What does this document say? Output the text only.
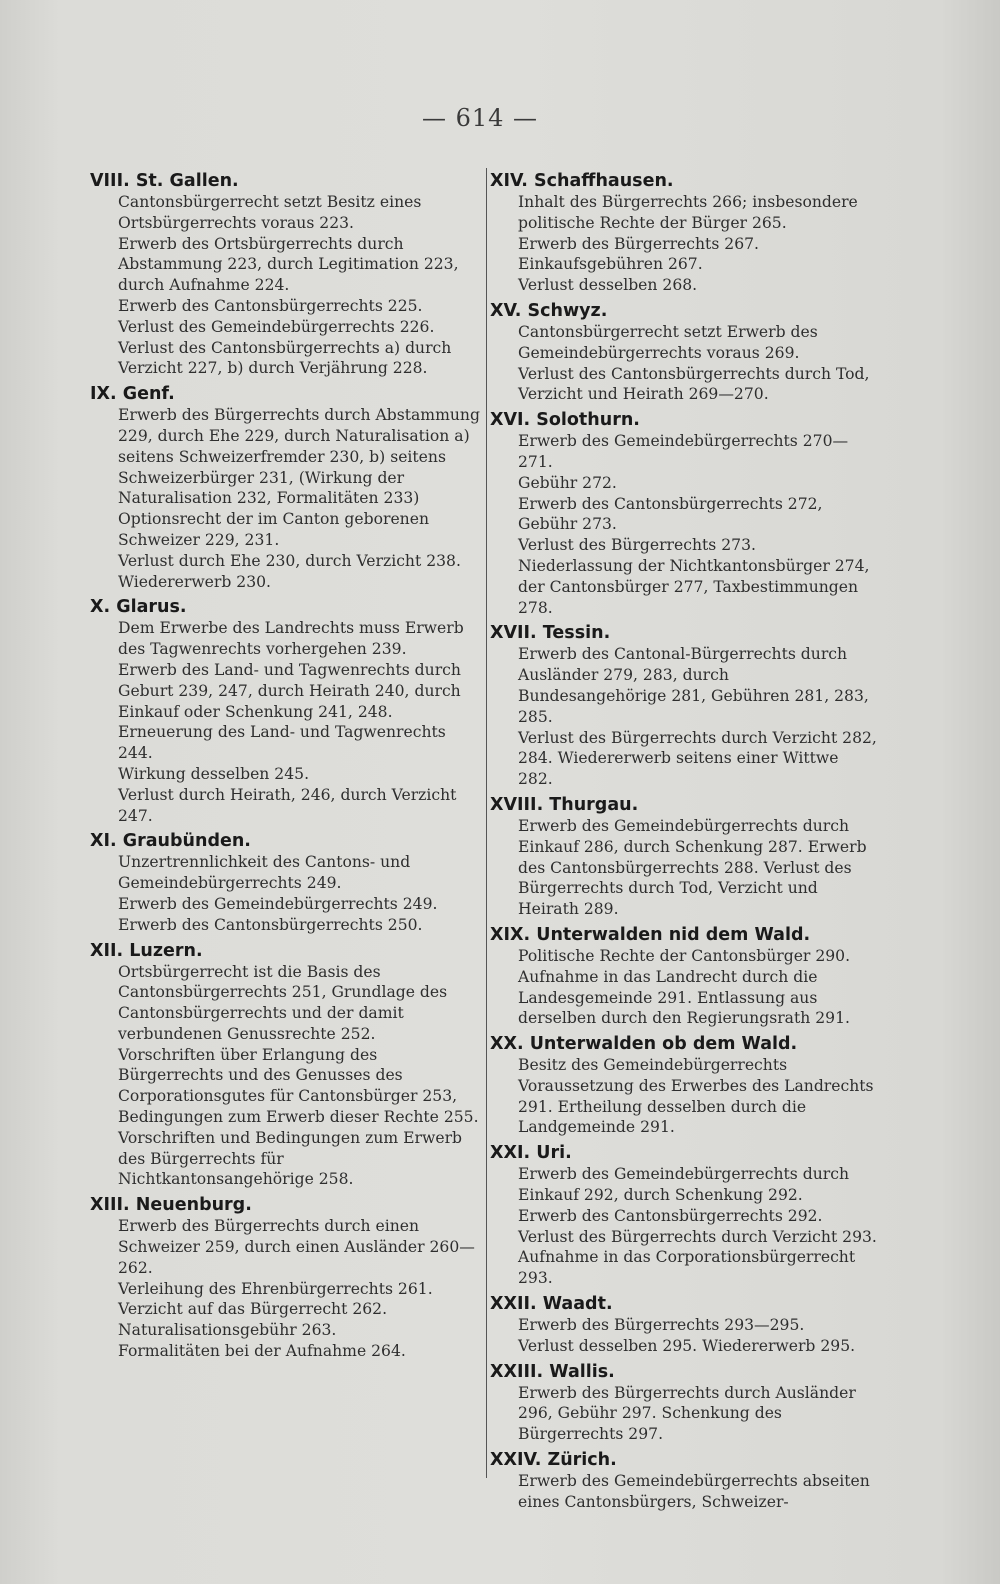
— 614 —
VIII. St. Gallen.
Cantonsbürgerrecht setzt Besitz eines Ortsbürgerrechts voraus 223.
Erwerb des Ortsbürgerrechts durch Abstammung 223, durch Legitimation 223, durch Aufnahme 224.
Erwerb des Cantonsbürgerrechts 225.
Verlust des Gemeindebürgerrechts 226.
Verlust des Cantonsbürgerrechts a) durch Verzicht 227, b) durch Verjährung 228.
IX. Genf.
Erwerb des Bürgerrechts durch Abstammung 229, durch Ehe 229, durch Naturalisation a) seitens Schweizerfremder 230, b) seitens Schweizerbürger 231, (Wirkung der Naturalisation 232, Formalitäten 233)
Optionsrecht der im Canton geborenen Schweizer 229, 231.
Verlust durch Ehe 230, durch Verzicht 238.
Wiedererwerb 230.
X. Glarus.
Dem Erwerbe des Landrechts muss Erwerb des Tagwenrechts vorhergehen 239.
Erwerb des Land- und Tagwenrechts durch Geburt 239, 247, durch Heirath 240, durch Einkauf oder Schenkung 241, 248.
Erneuerung des Land- und Tagwenrechts 244.
Wirkung desselben 245.
Verlust durch Heirath, 246, durch Verzicht 247.
XI. Graubünden.
Unzertrennlichkeit des Cantons- und Gemeindebürgerrechts 249.
Erwerb des Gemeindebürgerrechts 249.
Erwerb des Cantonsbürgerrechts 250.
XII. Luzern.
Ortsbürgerrecht ist die Basis des Cantonsbürgerrechts 251, Grundlage des Cantonsbürgerrechts und der damit verbundenen Genussrechte 252.
Vorschriften über Erlangung des Bürgerrechts und des Genusses des Corporationsgutes für Cantonsbürger 253, Bedingungen zum Erwerb dieser Rechte 255.
Vorschriften und Bedingungen zum Erwerb des Bürgerrechts für Nichtkantonsangehörige 258.
XIII. Neuenburg.
Erwerb des Bürgerrechts durch einen Schweizer 259, durch einen Ausländer 260—262.
Verleihung des Ehrenbürgerrechts 261.
Verzicht auf das Bürgerrecht 262.
Naturalisationsgebühr 263.
Formalitäten bei der Aufnahme 264.
XIV. Schaffhausen.
Inhalt des Bürgerrechts 266; insbesondere politische Rechte der Bürger 265.
Erwerb des Bürgerrechts 267.
Einkaufsgebühren 267.
Verlust desselben 268.
XV. Schwyz.
Cantonsbürgerrecht setzt Erwerb des Gemeindebürgerrechts voraus 269.
Verlust des Cantonsbürgerrechts durch Tod, Verzicht und Heirath 269—270.
XVI. Solothurn.
Erwerb des Gemeindebürgerrechts 270—271.
Gebühr 272.
Erwerb des Cantonsbürgerrechts 272, Gebühr 273.
Verlust des Bürgerrechts 273.
Niederlassung der Nichtkantonsbürger 274, der Cantonsbürger 277, Taxbestimmungen 278.
XVII. Tessin.
Erwerb des Cantonal-Bürgerrechts durch Ausländer 279, 283, durch Bundesangehörige 281, Gebühren 281, 283, 285.
Verlust des Bürgerrechts durch Verzicht 282, 284. Wiedererwerb seitens einer Wittwe 282.
XVIII. Thurgau.
Erwerb des Gemeindebürgerrechts durch Einkauf 286, durch Schenkung 287. Erwerb des Cantonsbürgerrechts 288. Verlust des Bürgerrechts durch Tod, Verzicht und Heirath 289.
XIX. Unterwalden nid dem Wald.
Politische Rechte der Cantonsbürger 290.
Aufnahme in das Landrecht durch die Landesgemeinde 291. Entlassung aus derselben durch den Regierungsrath 291.
XX. Unterwalden ob dem Wald.
Besitz des Gemeindebürgerrechts Voraussetzung des Erwerbes des Landrechts 291. Ertheilung desselben durch die Landgemeinde 291.
XXI. Uri.
Erwerb des Gemeindebürgerrechts durch Einkauf 292, durch Schenkung 292.
Erwerb des Cantonsbürgerrechts 292.
Verlust des Bürgerrechts durch Verzicht 293. Aufnahme in das Corporationsbürgerrecht 293.
XXII. Waadt.
Erwerb des Bürgerrechts 293—295.
Verlust desselben 295. Wiedererwerb 295.
XXIII. Wallis.
Erwerb des Bürgerrechts durch Ausländer 296, Gebühr 297. Schenkung des Bürgerrechts 297.
XXIV. Zürich.
Erwerb des Gemeindebürgerrechts abseiten eines Cantonsbürgers, Schweizer-
